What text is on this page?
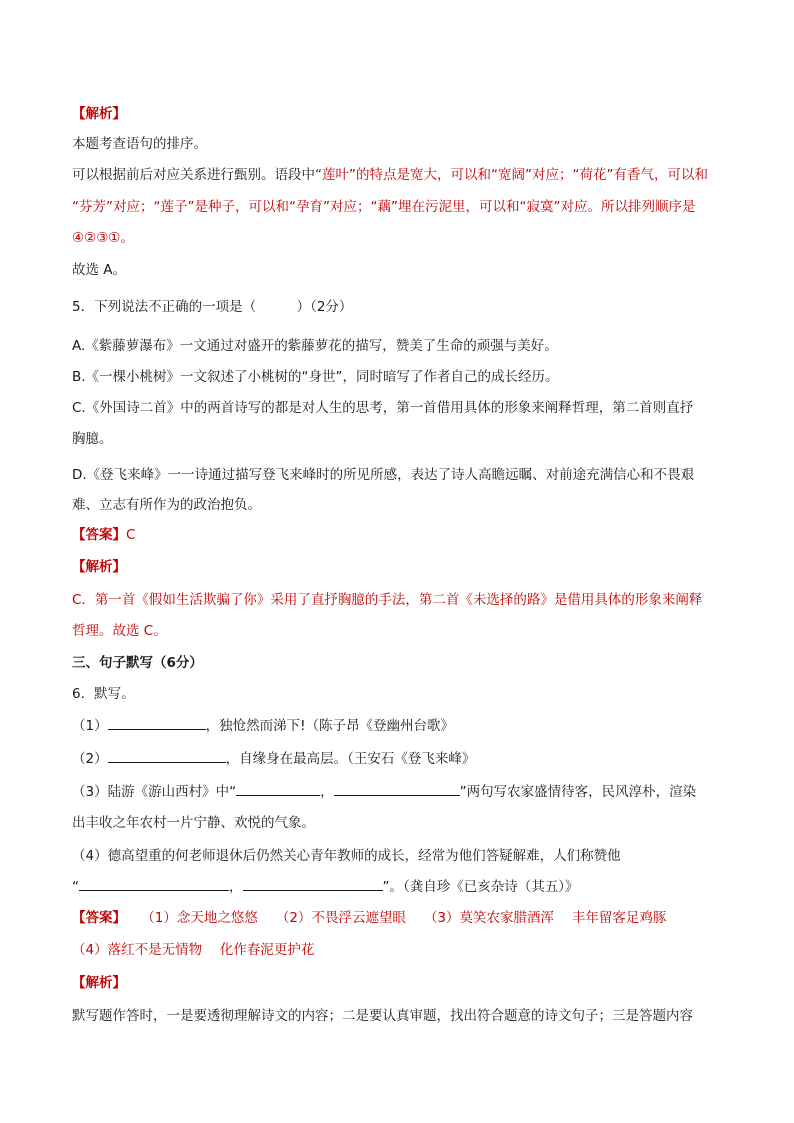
【解析】
本题考查语句的排序。
可以根据前后对应关系进行甄别。语段中“莲叶”的特点是宽大，可以和“宽阔”对应；“荷花”有香气，可以和
“芬芳”对应；“莲子”是种子，可以和“孕育”对应；“藕”埋在污泥里，可以和“寂寞”对应。所以排列顺序是
④②③①。
故选 A。
5．下列说法不正确的一项是（　　　）（2分）
A.《紫藤萝瀑布》一文通过对盛开的紫藤萝花的描写，赞美了生命的顽强与美好。
B.《一棵小桃树》一文叙述了小桃树的“身世”，同时暗写了作者自己的成长经历。
C.《外国诗二首》中的两首诗写的都是对人生的思考，第一首借用具体的形象来阐释哲理，第二首则直抒
胸臆。
D.《登飞来峰》一一诗通过描写登飞来峰时的所见所感，表达了诗人高瞻远瞩、对前途充满信心和不畏艰
难、立志有所作为的政治抱负。
【答案】C
【解析】
C．第一首《假如生活欺骗了你》采用了直抒胸臆的手法，第二首《未选择的路》是借用具体的形象来阐释
哲理。故选 C。
三、句子默写（6分）
6．默写。
（1）	，独怆然而涕下!（陈子昂《登幽州台歌》
（2）	，自缘身在最高层。（王安石《登飞来峰》
（3）陆游《游山西村》中“	，	”两句写农家盛情待客，民风淳朴，渲染
出丰收之年农村一片宁静、欢悦的气象。
（4）德高望重的何老师退休后仍然关心青年教师的成长，经常为他们答疑解难，人们称赞他
“	，	”。（龚自珍《已亥杂诗（其五）》
【答案】 （1）念天地之悠悠 （2）不畏浮云遮望眼 （3）莫笑农家腊酒浑　 丰年留客足鸡豚
（4）落红不是无情物　 化作春泥更护花
【解析】
默写题作答时，一是要透彻理解诗文的内容；二是要认真审题，找出符合题意的诗文句子；三是答题内容
